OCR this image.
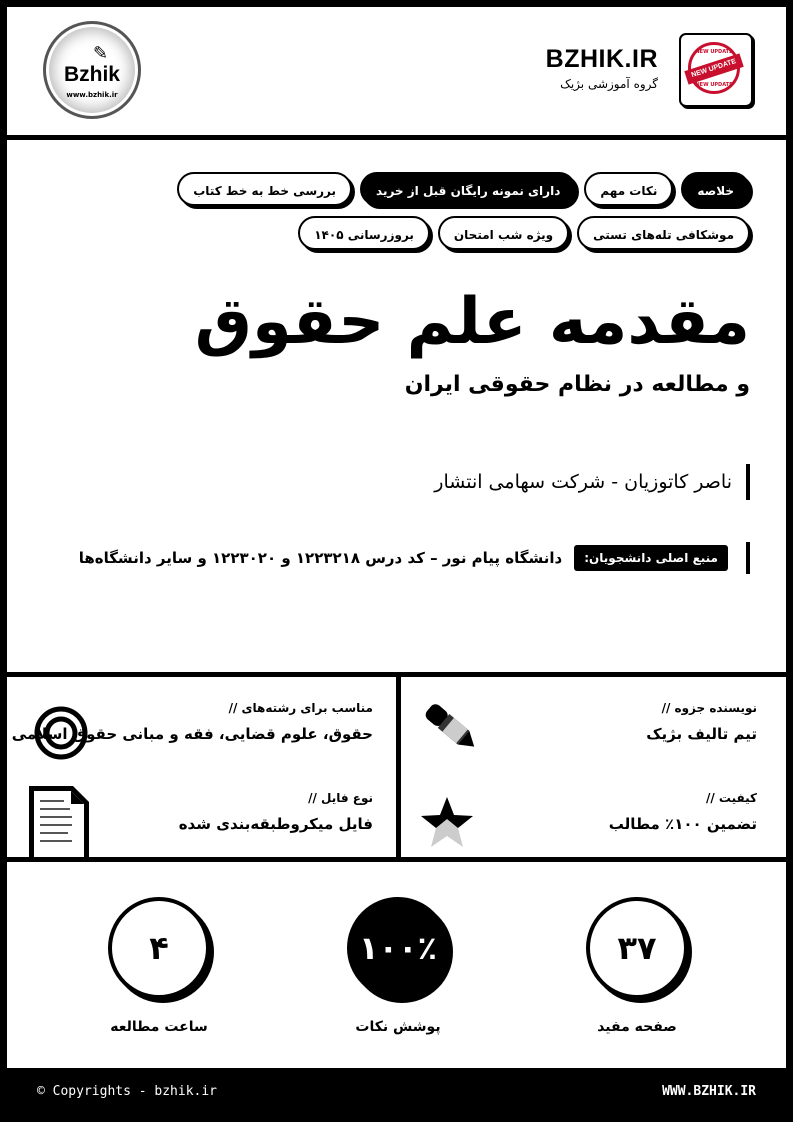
✎
Bzhik
www.bzhik.ir
BZHIK.IR
گروه آموزشی بژیک
NEW UPDATE
NEW UPDATE
NEW UPDATE
خلاصه
نکات مهم
دارای نمونه رایگان قبل از خرید
بررسی خط به خط کتاب
موشکافی تله‌های تستی
ویژه شب امتحان
بروزرسانی ۱۴۰۵
مقدمه علم حقوق
و مطالعه در نظام حقوقی ایران
ناصر کاتوزیان - شرکت سهامی انتشار
منبع اصلی دانشجویان:
دانشگاه پیام نور – کد درس ۱۲۲۳۲۱۸ و ۱۲۲۳۰۲۰ و سایر دانشگاه‌ها
نویسنده جزوه //
تیم تالیف بژیک
مناسب برای رشته‌های //
حقوق، علوم قضایی، فقه و مبانی حقوق اسلامی
کیفیت //
تضمین ۱۰۰٪ مطالب
نوع فایل //
فایل میکروطبقه‌بندی شده
۳۷
صفحه مفید
۱۰۰٪
پوشش نکات
۴
ساعت مطالعه
© Copyrights - bzhik.ir	WWW.BZHIK.IR
